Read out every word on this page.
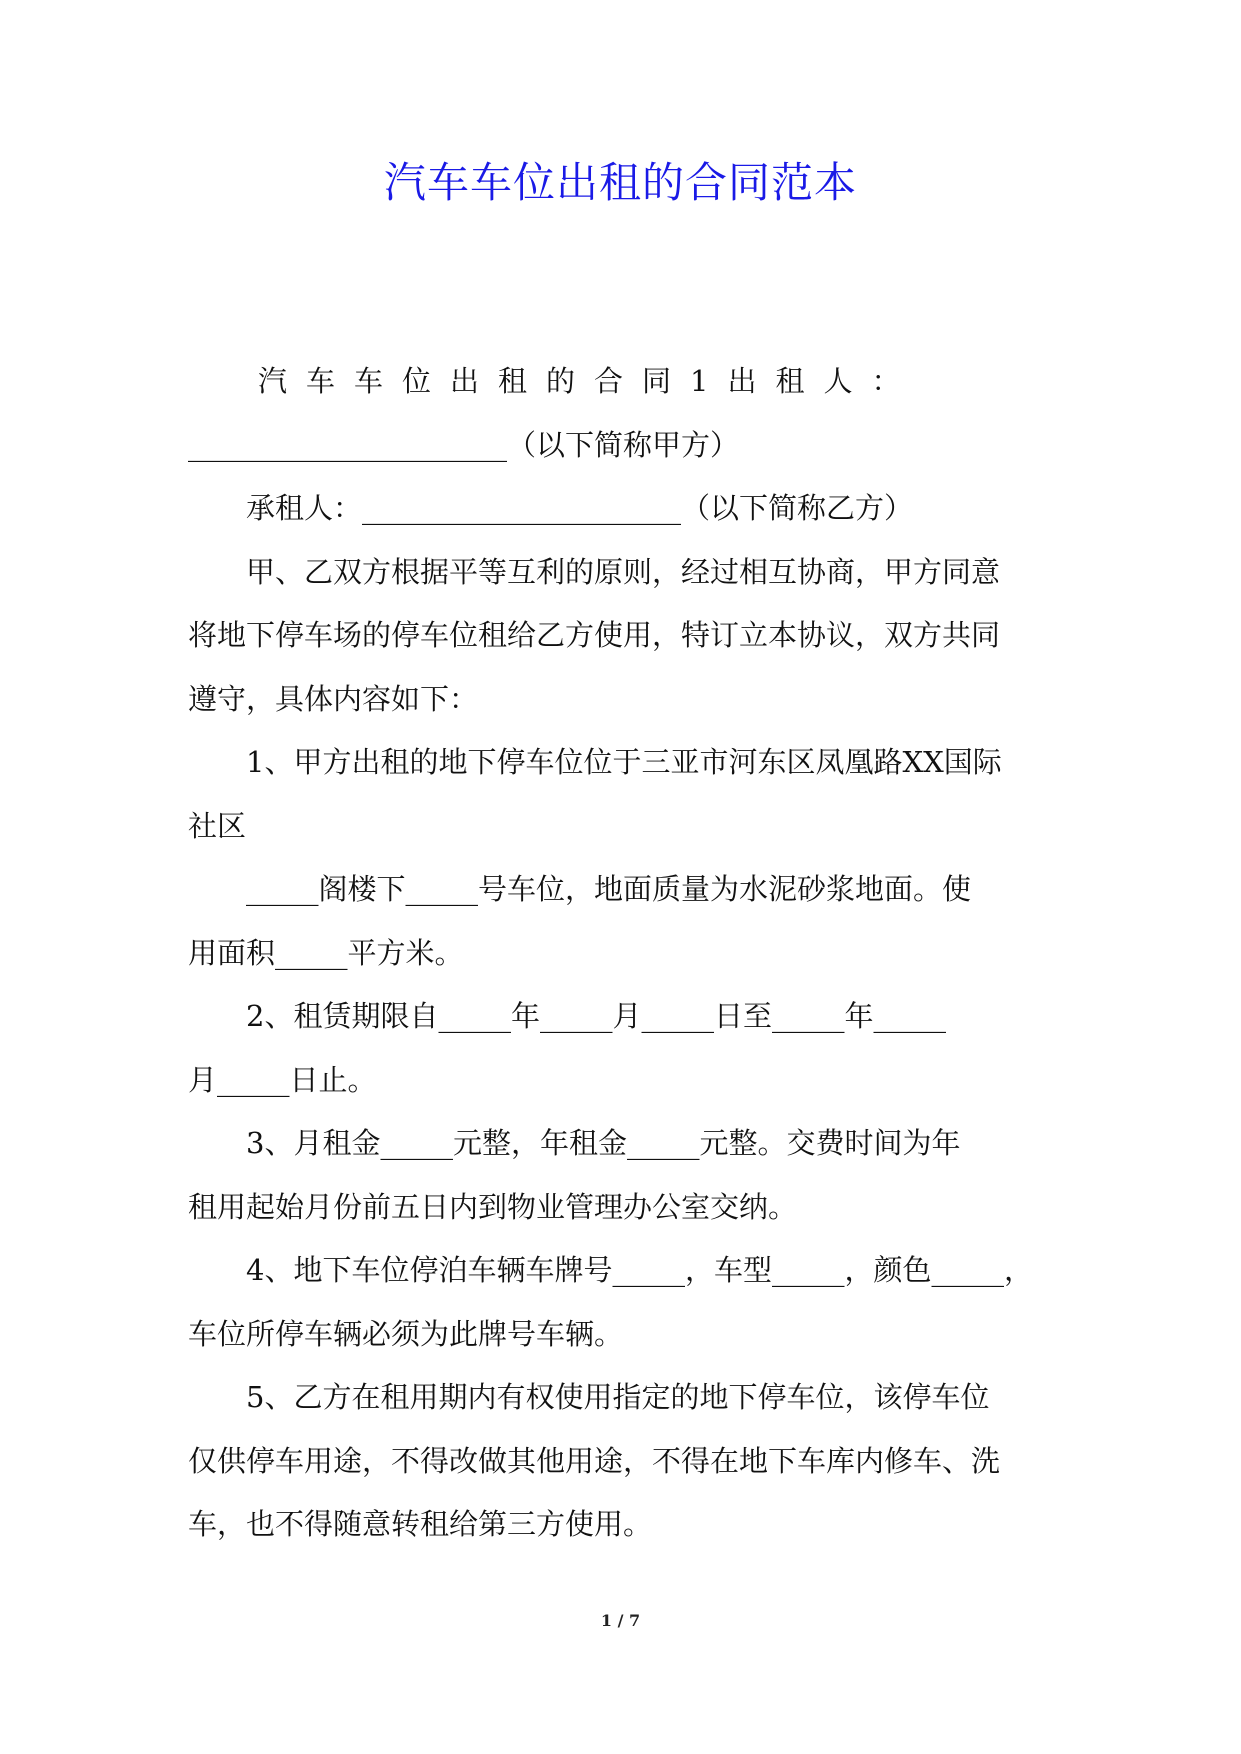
汽车车位出租的合同范本
汽车车位出租的合同1出租人：
______________________（以下简称甲方）
承租人：______________________（以下简称乙方）
甲、乙双方根据平等互利的原则，经过相互协商，甲方同意
将地下停车场的停车位租给乙方使用，特订立本协议，双方共同
遵守，具体内容如下：
1、甲方出租的地下停车位位于三亚市河东区凤凰路XX国际
社区
_____阁楼下_____号车位，地面质量为水泥砂浆地面。使
用面积_____平方米。
2、租赁期限自_____年_____月_____日至_____年_____
月_____日止。
3、月租金_____元整，年租金_____元整。交费时间为年
租用起始月份前五日内到物业管理办公室交纳。
4、地下车位停泊车辆车牌号_____，车型_____，颜色_____，
车位所停车辆必须为此牌号车辆。
5、乙方在租用期内有权使用指定的地下停车位，该停车位
仅供停车用途，不得改做其他用途，不得在地下车库内修车、洗
车，也不得随意转租给第三方使用。
1 / 7
